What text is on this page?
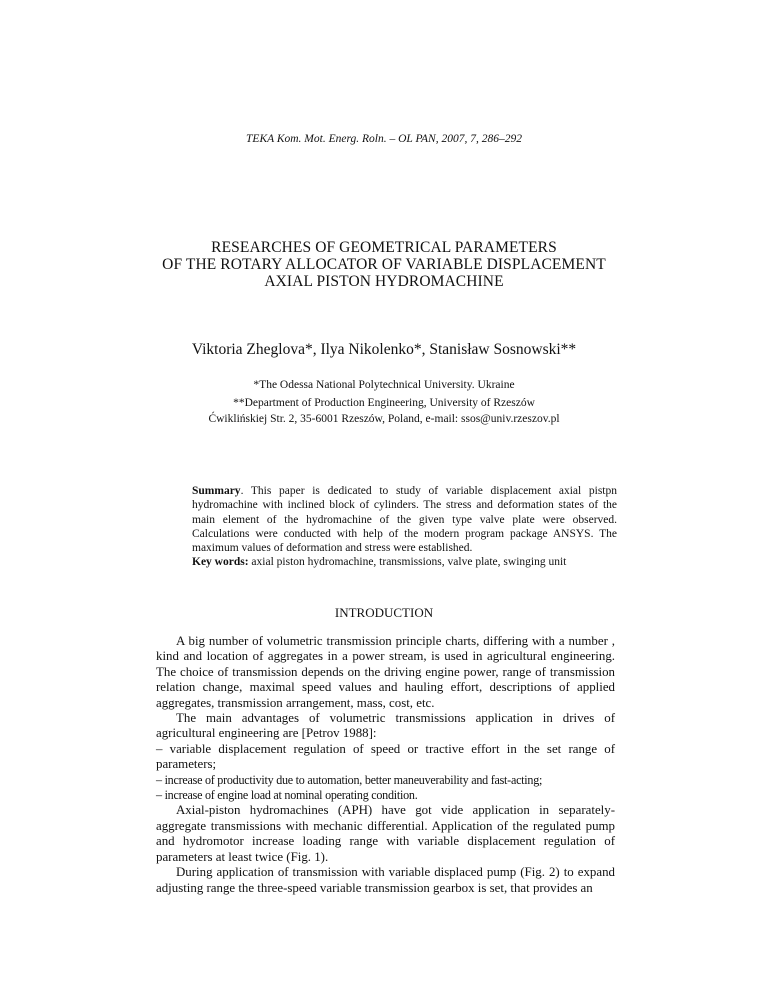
TEKA Kom. Mot. Energ. Roln. – OL PAN, 2007, 7, 286–292
RESEARCHES OF GEOMETRICAL PARAMETERS
OF THE ROTARY ALLOCATOR OF VARIABLE DISPLACEMENT
AXIAL PISTON HYDROMACHINE
Viktoria Zheglova*, Ilya Nikolenko*, Stanisław Sosnowski**
*The Odessa National Polytechnical University. Ukraine
**Department of Production Engineering, University of Rzeszów
Ćwiklińskiej Str. 2, 35-6001 Rzeszów, Poland, e-mail: ssos@univ.rzeszov.pl
Summary. This paper is dedicated to study of variable displacement axial pistpn hydromachine with inclined block of cylinders. The stress and deformation states of the main element of the hydromachine of the given type valve plate were observed. Calculations were conducted with help of the modern program package ANSYS. The maximum values of deformation and stress were established.
Key words: axial piston hydromachine, transmissions, valve plate, swinging unit
INTRODUCTION

A big number of volumetric transmission principle charts, differing with a number , kind and location of aggregates in a power stream, is used in agricultural engineering. The choice of transmission depends on the driving engine power, range of transmission relation change, maximal speed values and hauling effort, descriptions of applied aggregates, transmission arrangement, mass, cost, etc.

The main advantages of volumetric transmissions application in drives of agricultural engineering are [Petrov 1988]:

– variable displacement regulation of speed or tractive effort in the set range of parameters;

– increase of productivity due to automation, better maneuverability and fast-acting;

– increase of engine load at nominal operating condition.

Axial-piston hydromachines (APH) have got vide application in separately-aggregate transmissions with mechanic differential. Application of the regulated pump and hydromotor increase loading range with variable displacement regulation of parameters at least twice (Fig. 1).

During application of transmission with variable displaced pump (Fig. 2) to expand adjusting range the three-speed variable transmission gearbox is set, that provides an
